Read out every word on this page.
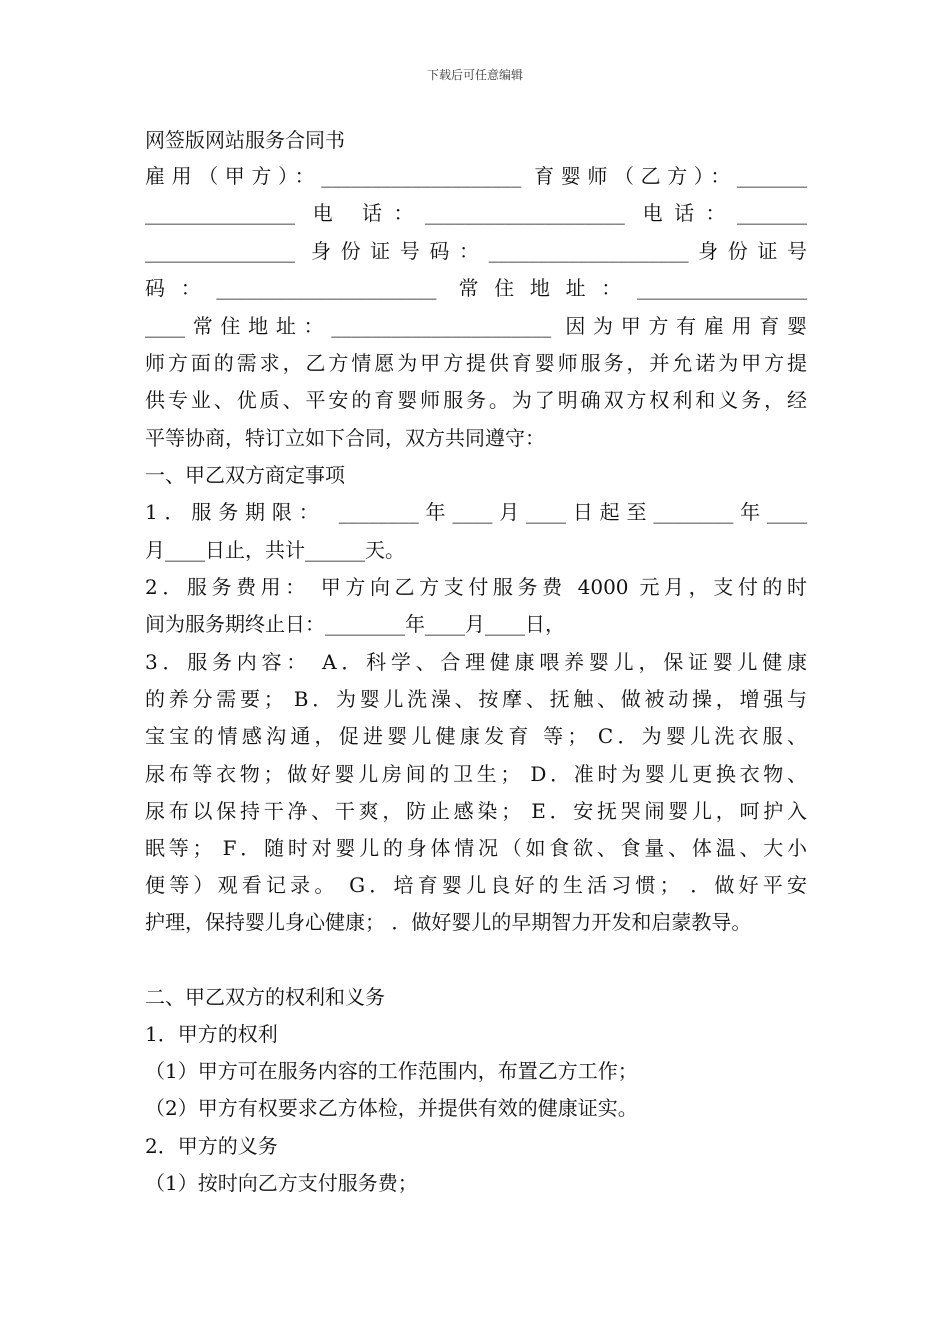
下载后可任意编辑
网签版网站服务合同书
雇用（甲方）：____________________ 育婴师（乙方）：_______
_______________ 电 话：____________________ 电话：_______
_______________ 身份证号码：____________________身份证号
码：______________________ 常住地址：_________________
____常住地址：______________________ 因为甲方有雇用育婴
师方面的需求，乙方情愿为甲方提供育婴师服务，并允诺为甲方提
供专业、优质、平安的育婴师服务。为了明确双方权利和义务，经
平等协商，特订立如下合同，双方共同遵守：
一、甲乙双方商定事项
1．服务期限： ________年____月____日起至________年____
月____日止，共计______天。
2．服务费用： 甲方向乙方支付服务费 4000 元月，支付的时
间为服务期终止日：________年____月____日，
3．服务内容： A．科学、合理健康喂养婴儿，保证婴儿健康
的养分需要； B．为婴儿洗澡、按摩、抚触、做被动操，增强与
宝宝的情感沟通，促进婴儿健康发育 等； C．为婴儿洗衣服、
尿布等衣物；做好婴儿房间的卫生； D．准时为婴儿更换衣物、
尿布以保持干净、干爽，防止感染； E．安抚哭闹婴儿，呵护入
眠等； F．随时对婴儿的身体情况（如食欲、食量、体温、大小
便等）观看记录。 G．培育婴儿良好的生活习惯； ．做好平安
护理，保持婴儿身心健康； ．做好婴儿的早期智力开发和启蒙教导。
二、甲乙双方的权利和义务
1．甲方的权利
（1）甲方可在服务内容的工作范围内，布置乙方工作；
（2）甲方有权要求乙方体检，并提供有效的健康证实。
2．甲方的义务
（1）按时向乙方支付服务费；
